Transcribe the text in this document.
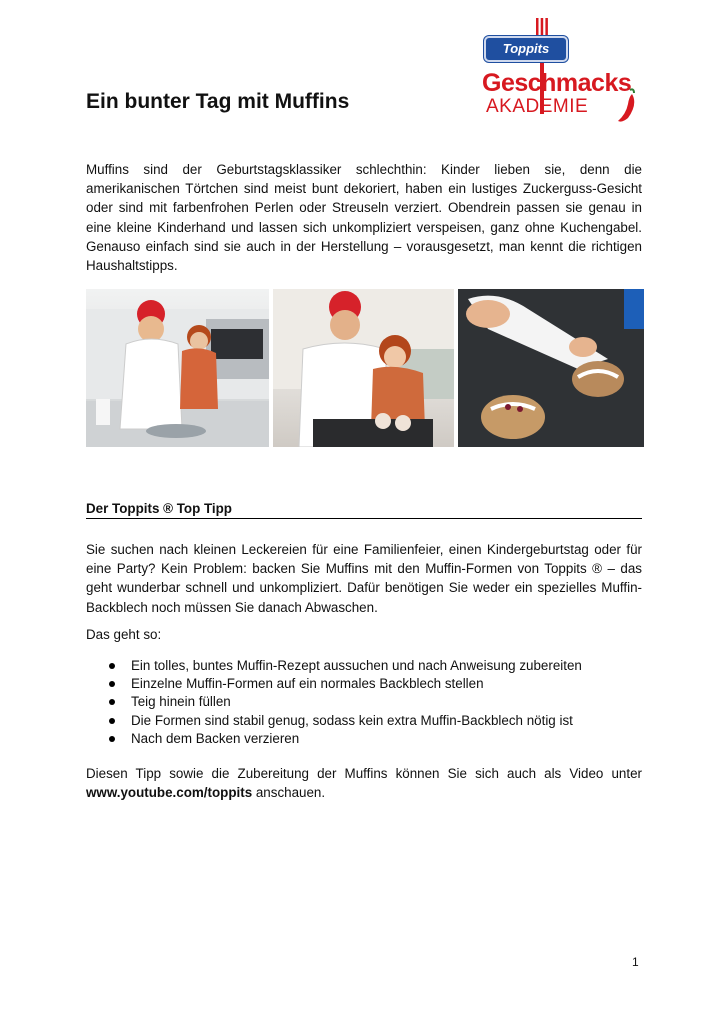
Toppits
Geschmacks
AKADEMIE
Ein bunter Tag mit Muffins

Muffins sind der Geburtstagsklassiker schlechthin: Kinder lieben sie, denn die amerikanischen Törtchen sind meist bunt dekoriert, haben ein lustiges Zuckerguss-Gesicht oder sind mit farbenfrohen Perlen oder Streuseln verziert. Obendrein passen sie genau in eine kleine Kinderhand und lassen sich unkompliziert verspeisen, ganz ohne Kuchengabel. Genauso einfach sind sie auch in der Herstellung – vorausgesetzt, man kennt die richtigen Haushaltstipps.

Der Toppits ® Top Tipp

Sie suchen nach kleinen Leckereien für eine Familienfeier, einen Kindergeburtstag oder für eine Party? Kein Problem: backen Sie Muffins mit den Muffin-Formen von Toppits ® – das geht wunderbar schnell und unkompliziert. Dafür benötigen Sie weder ein spezielles Muffin-Backblech noch müssen Sie danach Abwaschen.

Das geht so:

Ein tolles, buntes Muffin-Rezept aussuchen und nach Anweisung zubereiten
Einzelne Muffin-Formen auf ein normales Backblech stellen
Teig hinein füllen
Die Formen sind stabil genug, sodass kein extra Muffin-Backblech nötig ist
Nach dem Backen verzieren

Diesen Tipp sowie die Zubereitung der Muffins können Sie sich auch als Video unter www.youtube.com/toppits anschauen.

1
